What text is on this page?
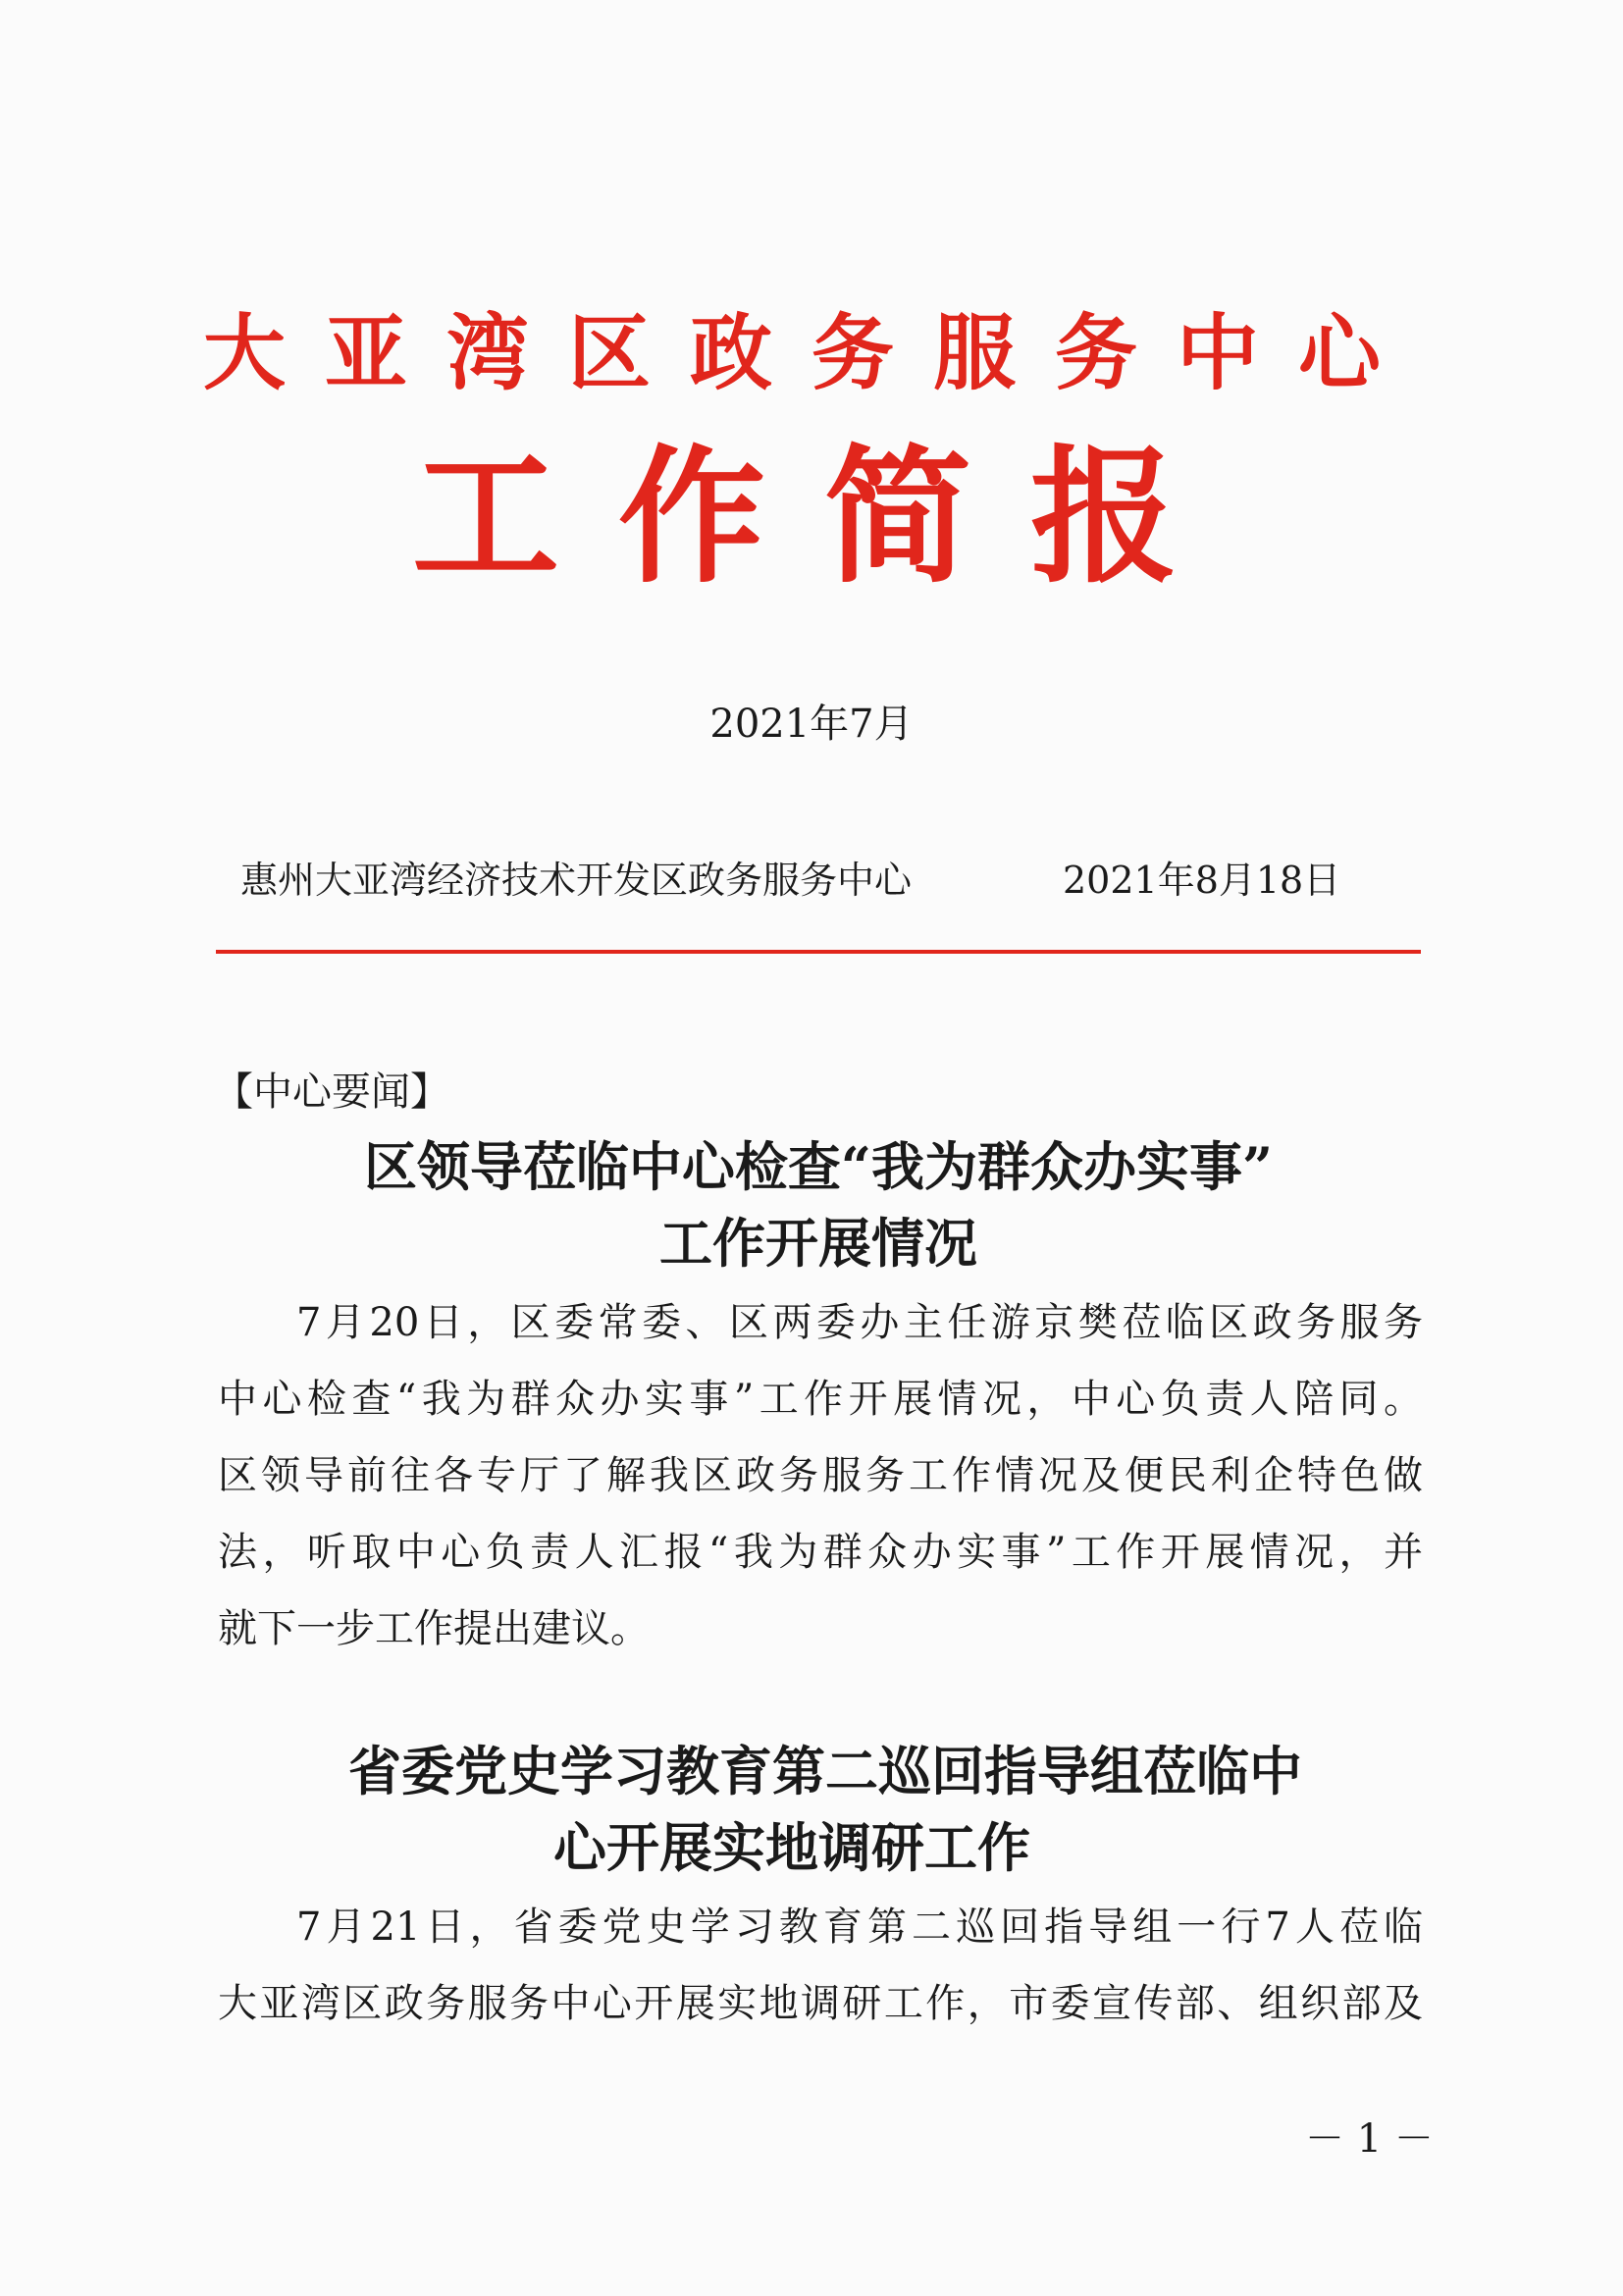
大亚湾区政务服务中心
工作简报
2021年7月
惠州大亚湾经济技术开发区政务服务中心	2021年8月18日
【中心要闻】
区领导莅临中心检查“我为群众办实事”
工作开展情况
7月20日，区委常委、区两委办主任游京樊莅临区政务服务
中心检查“我为群众办实事”工作开展情况，中心负责人陪同。
区领导前往各专厅了解我区政务服务工作情况及便民利企特色做
法，听取中心负责人汇报“我为群众办实事”工作开展情况，并
就下一步工作提出建议。
省委党史学习教育第二巡回指导组莅临中
心开展实地调研工作
7月21日，省委党史学习教育第二巡回指导组一行7人莅临
大亚湾区政务服务中心开展实地调研工作，市委宣传部、组织部及
－ 1 －
